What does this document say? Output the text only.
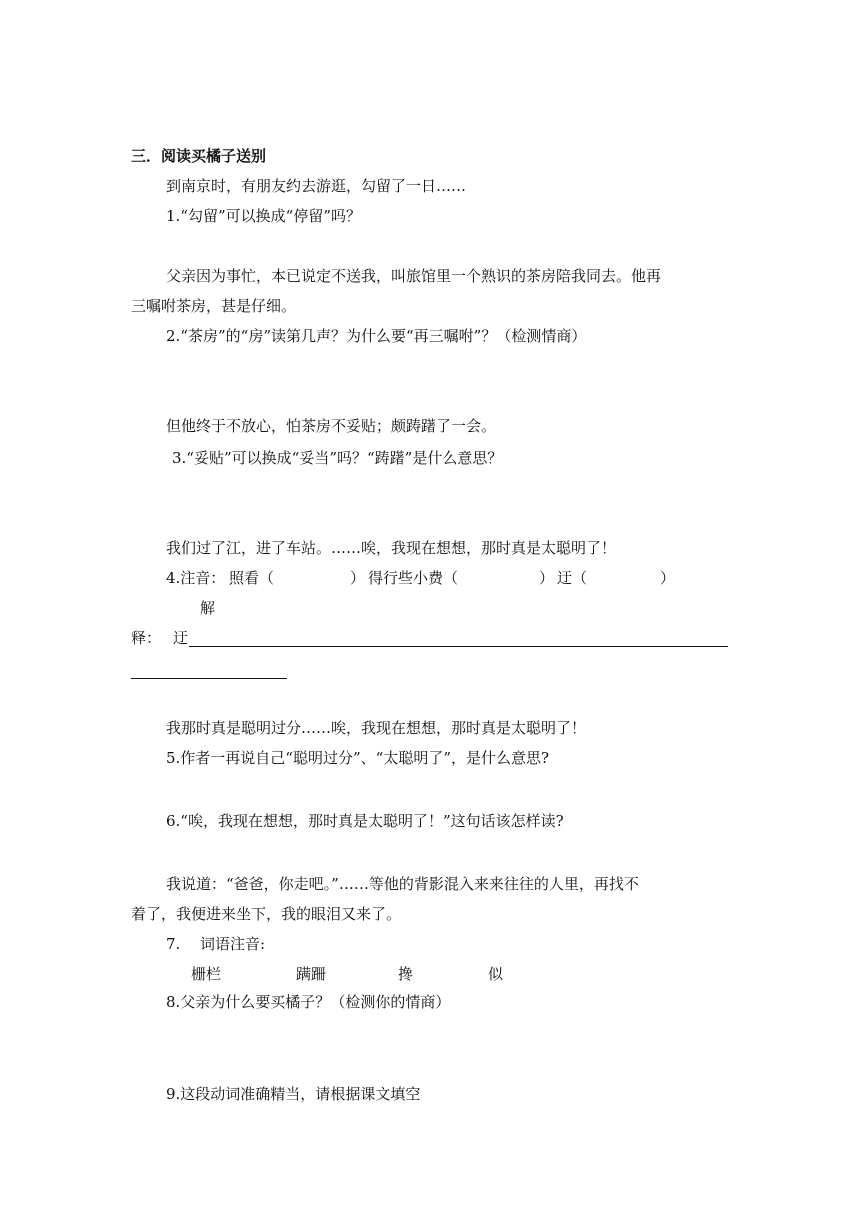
三．阅读买橘子送别
到南京时，有朋友约去游逛，勾留了一日……
1.“勾留”可以换成“停留”吗？
父亲因为事忙，本已说定不送我，叫旅馆里一个熟识的茶房陪我同去。他再
三嘱咐茶房，甚是仔细。
2.“茶房”的“房”读第几声？为什么要“再三嘱咐”？（检测情商）
但他终于不放心，怕茶房不妥贴；颇踌躇了一会。
3.“妥贴”可以换成“妥当”吗？“踌躇”是什么意思？
我们过了江，进了车站。……唉，我现在想想，那时真是太聪明了！
4.注音： 照看（	） 得行些小费（	） 迂（	）
解
释： 迂
我那时真是聪明过分……唉，我现在想想，那时真是太聪明了！
5.作者一再说自己“聪明过分”、“太聪明了”，是什么意思?
6.“唉，我现在想想，那时真是太聪明了！”这句话该怎样读?
我说道：“爸爸，你走吧。”……等他的背影混入来来往往的人里，再找不
着了，我便进来坐下，我的眼泪又来了。
7. 词语注音:
栅栏	蹒跚	搀	似
8.父亲为什么要买橘子？（检测你的情商）
9.这段动词准确精当，请根据课文填空
